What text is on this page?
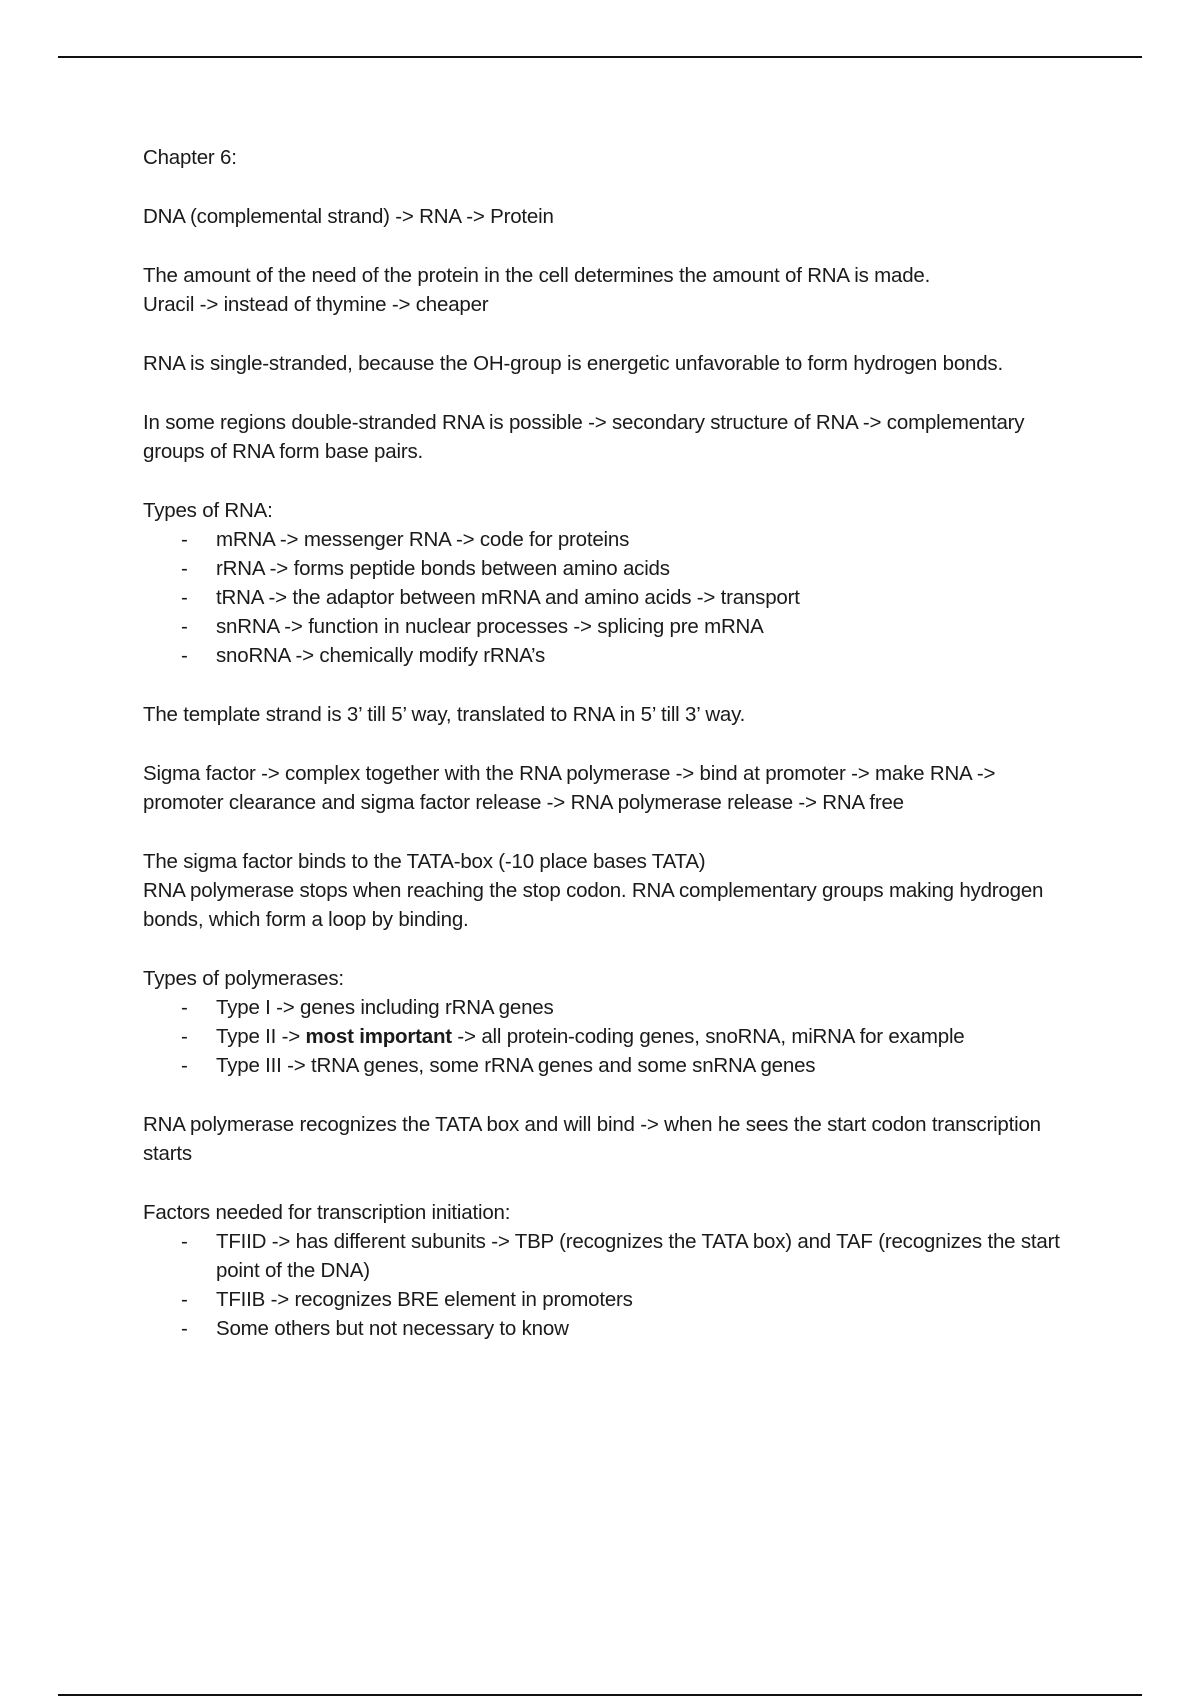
Chapter 6:

DNA (complemental strand) -> RNA -> Protein

The amount of the need of the protein in the cell determines the amount of RNA is made.

Uracil -> instead of thymine -> cheaper

RNA is single-stranded, because the OH-group is energetic unfavorable to form hydrogen bonds.

In some regions double-stranded RNA is possible -> secondary structure of RNA -> complementary groups of RNA form base pairs.

Types of RNA:

- mRNA -> messenger RNA -> code for proteins
- rRNA -> forms peptide bonds between amino acids
- tRNA -> the adaptor between mRNA and amino acids -> transport
- snRNA -> function in nuclear processes -> splicing pre mRNA
- snoRNA -> chemically modify rRNA’s

The template strand is 3’ till 5’ way, translated to RNA in 5’ till 3’ way.

Sigma factor -> complex together with the RNA polymerase -> bind at promoter -> make RNA -> promoter clearance and sigma factor release -> RNA polymerase release -> RNA free

The sigma factor binds to the TATA-box (-10 place bases TATA)

RNA polymerase stops when reaching the stop codon. RNA complementary groups making hydrogen bonds, which form a loop by binding.

Types of polymerases:

- Type I -> genes including rRNA genes
- Type II -> most important -> all protein-coding genes, snoRNA, miRNA for example
- Type III -> tRNA genes, some rRNA genes and some snRNA genes

RNA polymerase recognizes the TATA box and will bind -> when he sees the start codon transcription starts

Factors needed for transcription initiation:

- TFIID -> has different subunits -> TBP (recognizes the TATA box) and TAF (recognizes the start point of the DNA)
- TFIIB -> recognizes BRE element in promoters
- Some others but not necessary to know
